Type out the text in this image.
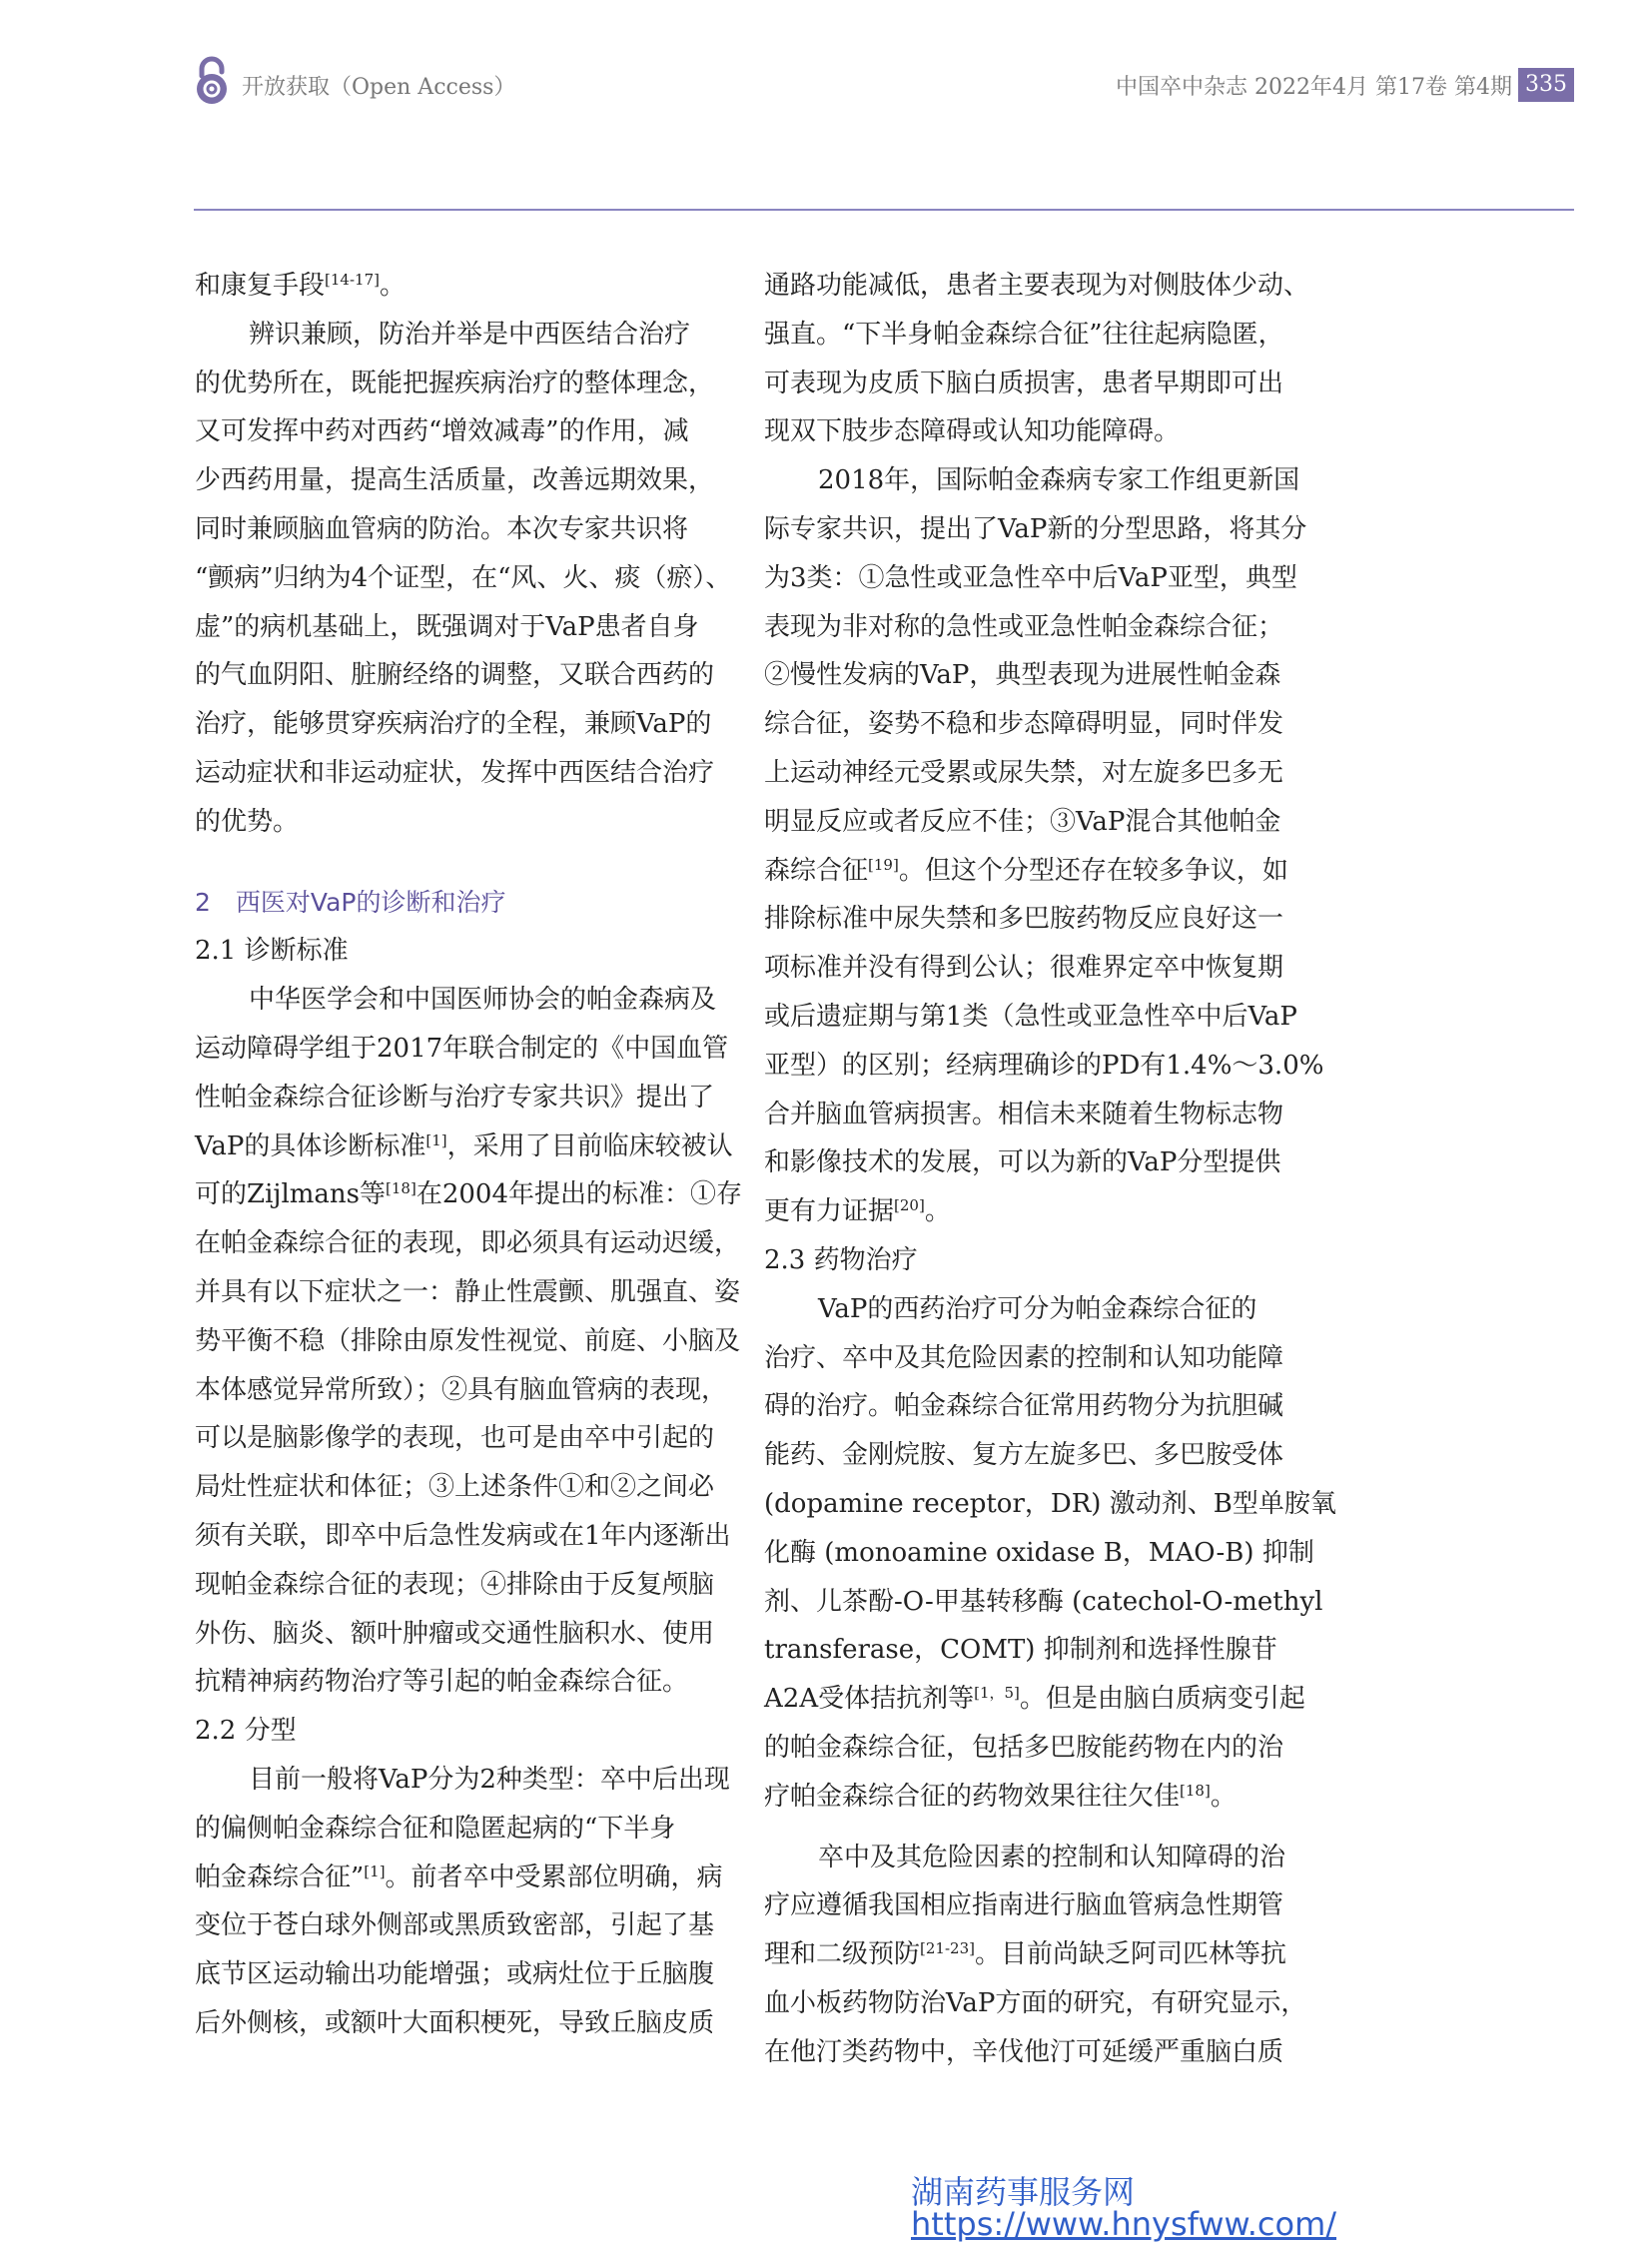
开放获取（Open Access）	中国卒中杂志 2022年4月 第17卷 第4期 335

和康复手段[14-17]。

辨识兼顾，防治并举是中西医结合治疗

的优势所在，既能把握疾病治疗的整体理念，

又可发挥中药对西药“增效减毒”的作用，减

少西药用量，提高生活质量，改善远期效果，

同时兼顾脑血管病的防治。本次专家共识将

“颤病”归纳为4个证型，在“风、火、痰（瘀）、

虚”的病机基础上，既强调对于VaP患者自身

的气血阴阳、脏腑经络的调整，又联合西药的

治疗，能够贯穿疾病治疗的全程，兼顾VaP的

运动症状和非运动症状，发挥中西医结合治疗

的优势。

2　西医对VaP的诊断和治疗
2.1 诊断标准

中华医学会和中国医师协会的帕金森病及

运动障碍学组于2017年联合制定的《中国血管

性帕金森综合征诊断与治疗专家共识》提出了

VaP的具体诊断标准[1]，采用了目前临床较被认

可的Zijlmans等[18]在2004年提出的标准：①存

在帕金森综合征的表现，即必须具有运动迟缓，

并具有以下症状之一：静止性震颤、肌强直、姿

势平衡不稳（排除由原发性视觉、前庭、小脑及

本体感觉异常所致）；②具有脑血管病的表现，

可以是脑影像学的表现，也可是由卒中引起的

局灶性症状和体征；③上述条件①和②之间必

须有关联，即卒中后急性发病或在1年内逐渐出

现帕金森综合征的表现；④排除由于反复颅脑

外伤、脑炎、额叶肿瘤或交通性脑积水、使用

抗精神病药物治疗等引起的帕金森综合征。

2.2 分型

目前一般将VaP分为2种类型：卒中后出现

的偏侧帕金森综合征和隐匿起病的“下半身

帕金森综合征”[1]。前者卒中受累部位明确，病

变位于苍白球外侧部或黑质致密部，引起了基

底节区运动输出功能增强；或病灶位于丘脑腹

后外侧核，或额叶大面积梗死，导致丘脑皮质

通路功能减低，患者主要表现为对侧肢体少动、

强直。“下半身帕金森综合征”往往起病隐匿，

可表现为皮质下脑白质损害，患者早期即可出

现双下肢步态障碍或认知功能障碍。

2018年，国际帕金森病专家工作组更新国

际专家共识，提出了VaP新的分型思路，将其分

为3类：①急性或亚急性卒中后VaP亚型，典型

表现为非对称的急性或亚急性帕金森综合征；

②慢性发病的VaP，典型表现为进展性帕金森

综合征，姿势不稳和步态障碍明显，同时伴发

上运动神经元受累或尿失禁，对左旋多巴多无

明显反应或者反应不佳；③VaP混合其他帕金

森综合征[19]。但这个分型还存在较多争议，如

排除标准中尿失禁和多巴胺药物反应良好这一

项标准并没有得到公认；很难界定卒中恢复期

或后遗症期与第1类（急性或亚急性卒中后VaP

亚型）的区别；经病理确诊的PD有1.4%～3.0%

合并脑血管病损害。相信未来随着生物标志物

和影像技术的发展，可以为新的VaP分型提供

更有力证据[20]。

2.3 药物治疗

VaP的西药治疗可分为帕金森综合征的

治疗、卒中及其危险因素的控制和认知功能障

碍的治疗。帕金森综合征常用药物分为抗胆碱

能药、金刚烷胺、复方左旋多巴、多巴胺受体

(dopamine receptor，DR) 激动剂、B型单胺氧

化酶 (monoamine oxidase B，MAO-B) 抑制

剂、儿茶酚-O-甲基转移酶 (catechol-O-methyl

transferase，COMT) 抑制剂和选择性腺苷

A2A受体拮抗剂等[1，5]。但是由脑白质病变引起

的帕金森综合征，包括多巴胺能药物在内的治

疗帕金森综合征的药物效果往往欠佳[18]。

卒中及其危险因素的控制和认知障碍的治

疗应遵循我国相应指南进行脑血管病急性期管

理和二级预防[21-23]。目前尚缺乏阿司匹林等抗

血小板药物防治VaP方面的研究，有研究显示，

在他汀类药物中，辛伐他汀可延缓严重脑白质

湖南药事服务网
https://www.hnysfww.com/
